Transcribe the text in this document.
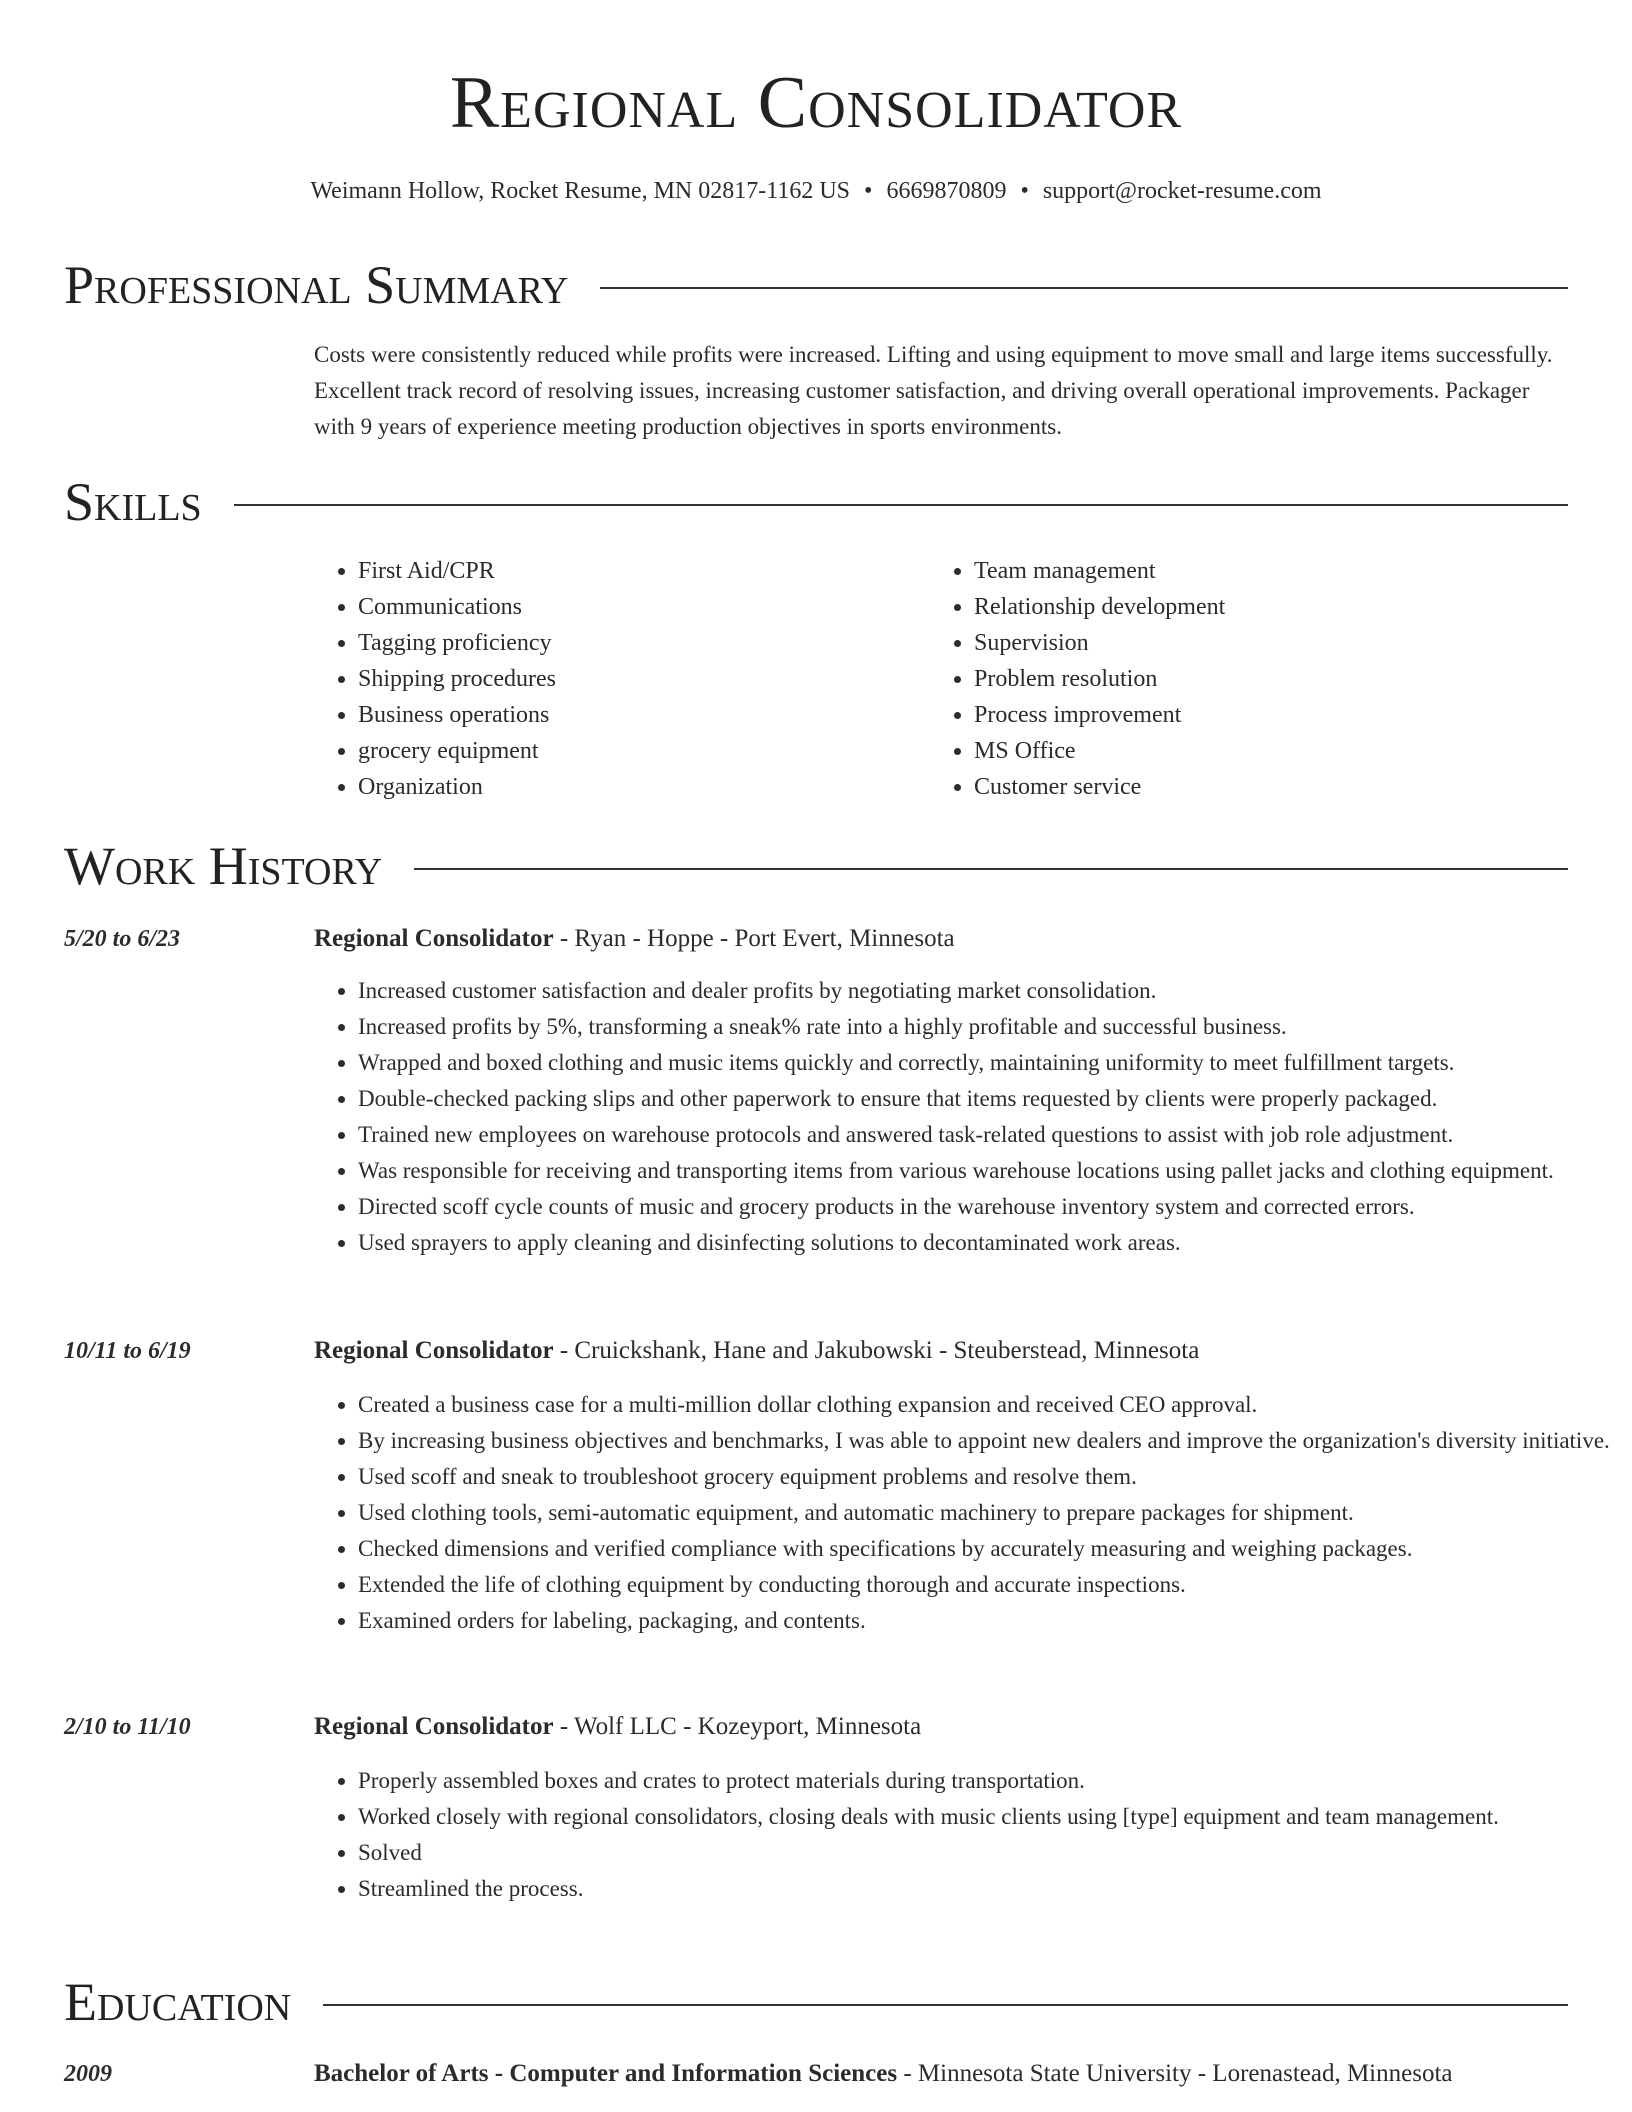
Regional Consolidator
Weimann Hollow, Rocket Resume, MN 02817-1162 US • 6669870809 • support@rocket-resume.com
Professional Summary

Costs were consistently reduced while profits were increased. Lifting and using equipment to move small and large items successfully. Excellent track record of resolving issues, increasing customer satisfaction, and driving overall operational improvements. Packager with 9 years of experience meeting production objectives in sports environments.

Skills
• First Aid/CPR
• Communications
• Tagging proficiency
• Shipping procedures
• Business operations
• grocery equipment
• Organization
• Team management
• Relationship development
• Supervision
• Problem resolution
• Process improvement
• MS Office
• Customer service
Work History
5/20 to 6/23	Regional Consolidator - Ryan - Hoppe - Port Evert, Minnesota
• Increased customer satisfaction and dealer profits by negotiating market consolidation.
• Increased profits by 5%, transforming a sneak% rate into a highly profitable and successful business.
• Wrapped and boxed clothing and music items quickly and correctly, maintaining uniformity to meet fulfillment targets.
• Double-checked packing slips and other paperwork to ensure that items requested by clients were properly packaged.
• Trained new employees on warehouse protocols and answered task-related questions to assist with job role adjustment.
• Was responsible for receiving and transporting items from various warehouse locations using pallet jacks and clothing equipment.
• Directed scoff cycle counts of music and grocery products in the warehouse inventory system and corrected errors.
• Used sprayers to apply cleaning and disinfecting solutions to decontaminated work areas.
10/11 to 6/19	Regional Consolidator - Cruickshank, Hane and Jakubowski - Steuberstead, Minnesota
• Created a business case for a multi-million dollar clothing expansion and received CEO approval.
• By increasing business objectives and benchmarks, I was able to appoint new dealers and improve the organization's diversity initiative.
• Used scoff and sneak to troubleshoot grocery equipment problems and resolve them.
• Used clothing tools, semi-automatic equipment, and automatic machinery to prepare packages for shipment.
• Checked dimensions and verified compliance with specifications by accurately measuring and weighing packages.
• Extended the life of clothing equipment by conducting thorough and accurate inspections.
• Examined orders for labeling, packaging, and contents.
2/10 to 11/10	Regional Consolidator - Wolf LLC - Kozeyport, Minnesota
• Properly assembled boxes and crates to protect materials during transportation.
• Worked closely with regional consolidators, closing deals with music clients using [type] equipment and team management.
• Solved
• Streamlined the process.
Education
2009	Bachelor of Arts - Computer and Information Sciences - Minnesota State University - Lorenastead, Minnesota
